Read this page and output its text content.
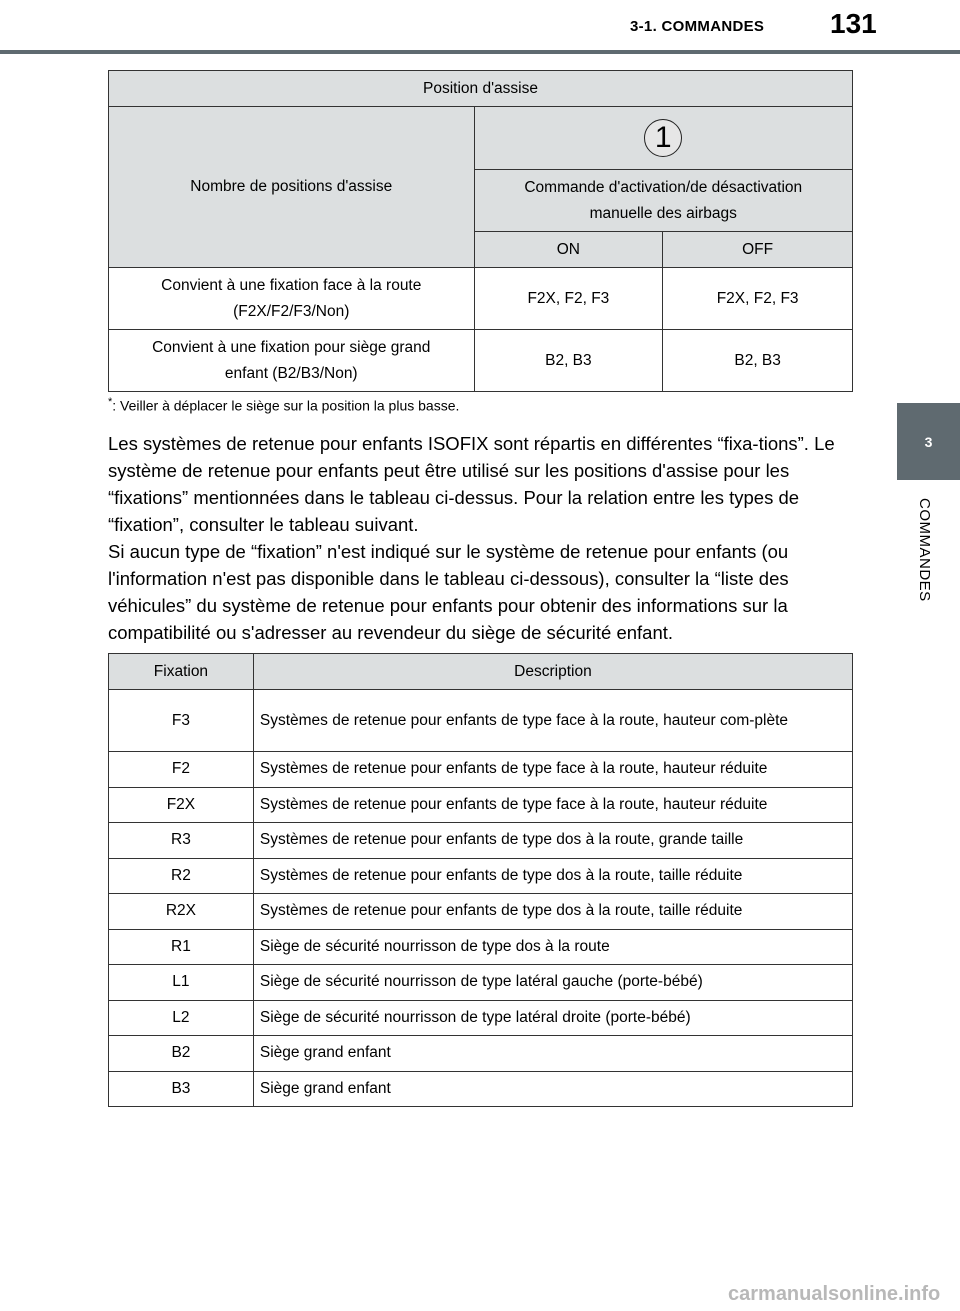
3-1. COMMANDES 131
3
COMMANDES
Position d'assise		
Nombre de positions d'assise	1	

	Commande d'activation/de désactivation
manuelle des airbags	

	ON	OFF

Convient à une fixation face à la route
(F2X/F2/F3/Non)	F2X, F2, F3	F2X, F2, F3

Convient à une fixation pour siège grand
enfant (B2/B3/Non)	B2, B3	B2, B3
*: Veiller à déplacer le siège sur la position la plus basse.

Les systèmes de retenue pour enfants ISOFIX sont répartis en différentes “fixa-tions”. Le système de retenue pour enfants peut être utilisé sur les positions d'assise pour les “fixations” mentionnées dans le tableau ci-dessus. Pour la relation entre les types de “fixation”, consulter le tableau suivant.

Si aucun type de “fixation” n'est indiqué sur le système de retenue pour enfants (ou l'information n'est pas disponible dans le tableau ci-dessous), consulter la “liste des véhicules” du système de retenue pour enfants pour obtenir des informations sur la compatibilité ou s'adresser au revendeur du siège de sécurité enfant.

Fixation	Description
F3	Systèmes de retenue pour enfants de type face à la route, hauteur com-plète
F2	Systèmes de retenue pour enfants de type face à la route, hauteur réduite
F2X	Systèmes de retenue pour enfants de type face à la route, hauteur réduite
R3	Systèmes de retenue pour enfants de type dos à la route, grande taille
R2	Systèmes de retenue pour enfants de type dos à la route, taille réduite
R2X	Systèmes de retenue pour enfants de type dos à la route, taille réduite
R1	Siège de sécurité nourrisson de type dos à la route
L1	Siège de sécurité nourrisson de type latéral gauche (porte-bébé)
L2	Siège de sécurité nourrisson de type latéral droite (porte-bébé)
B2	Siège grand enfant
B3	Siège grand enfant
carmanualsonline.info
